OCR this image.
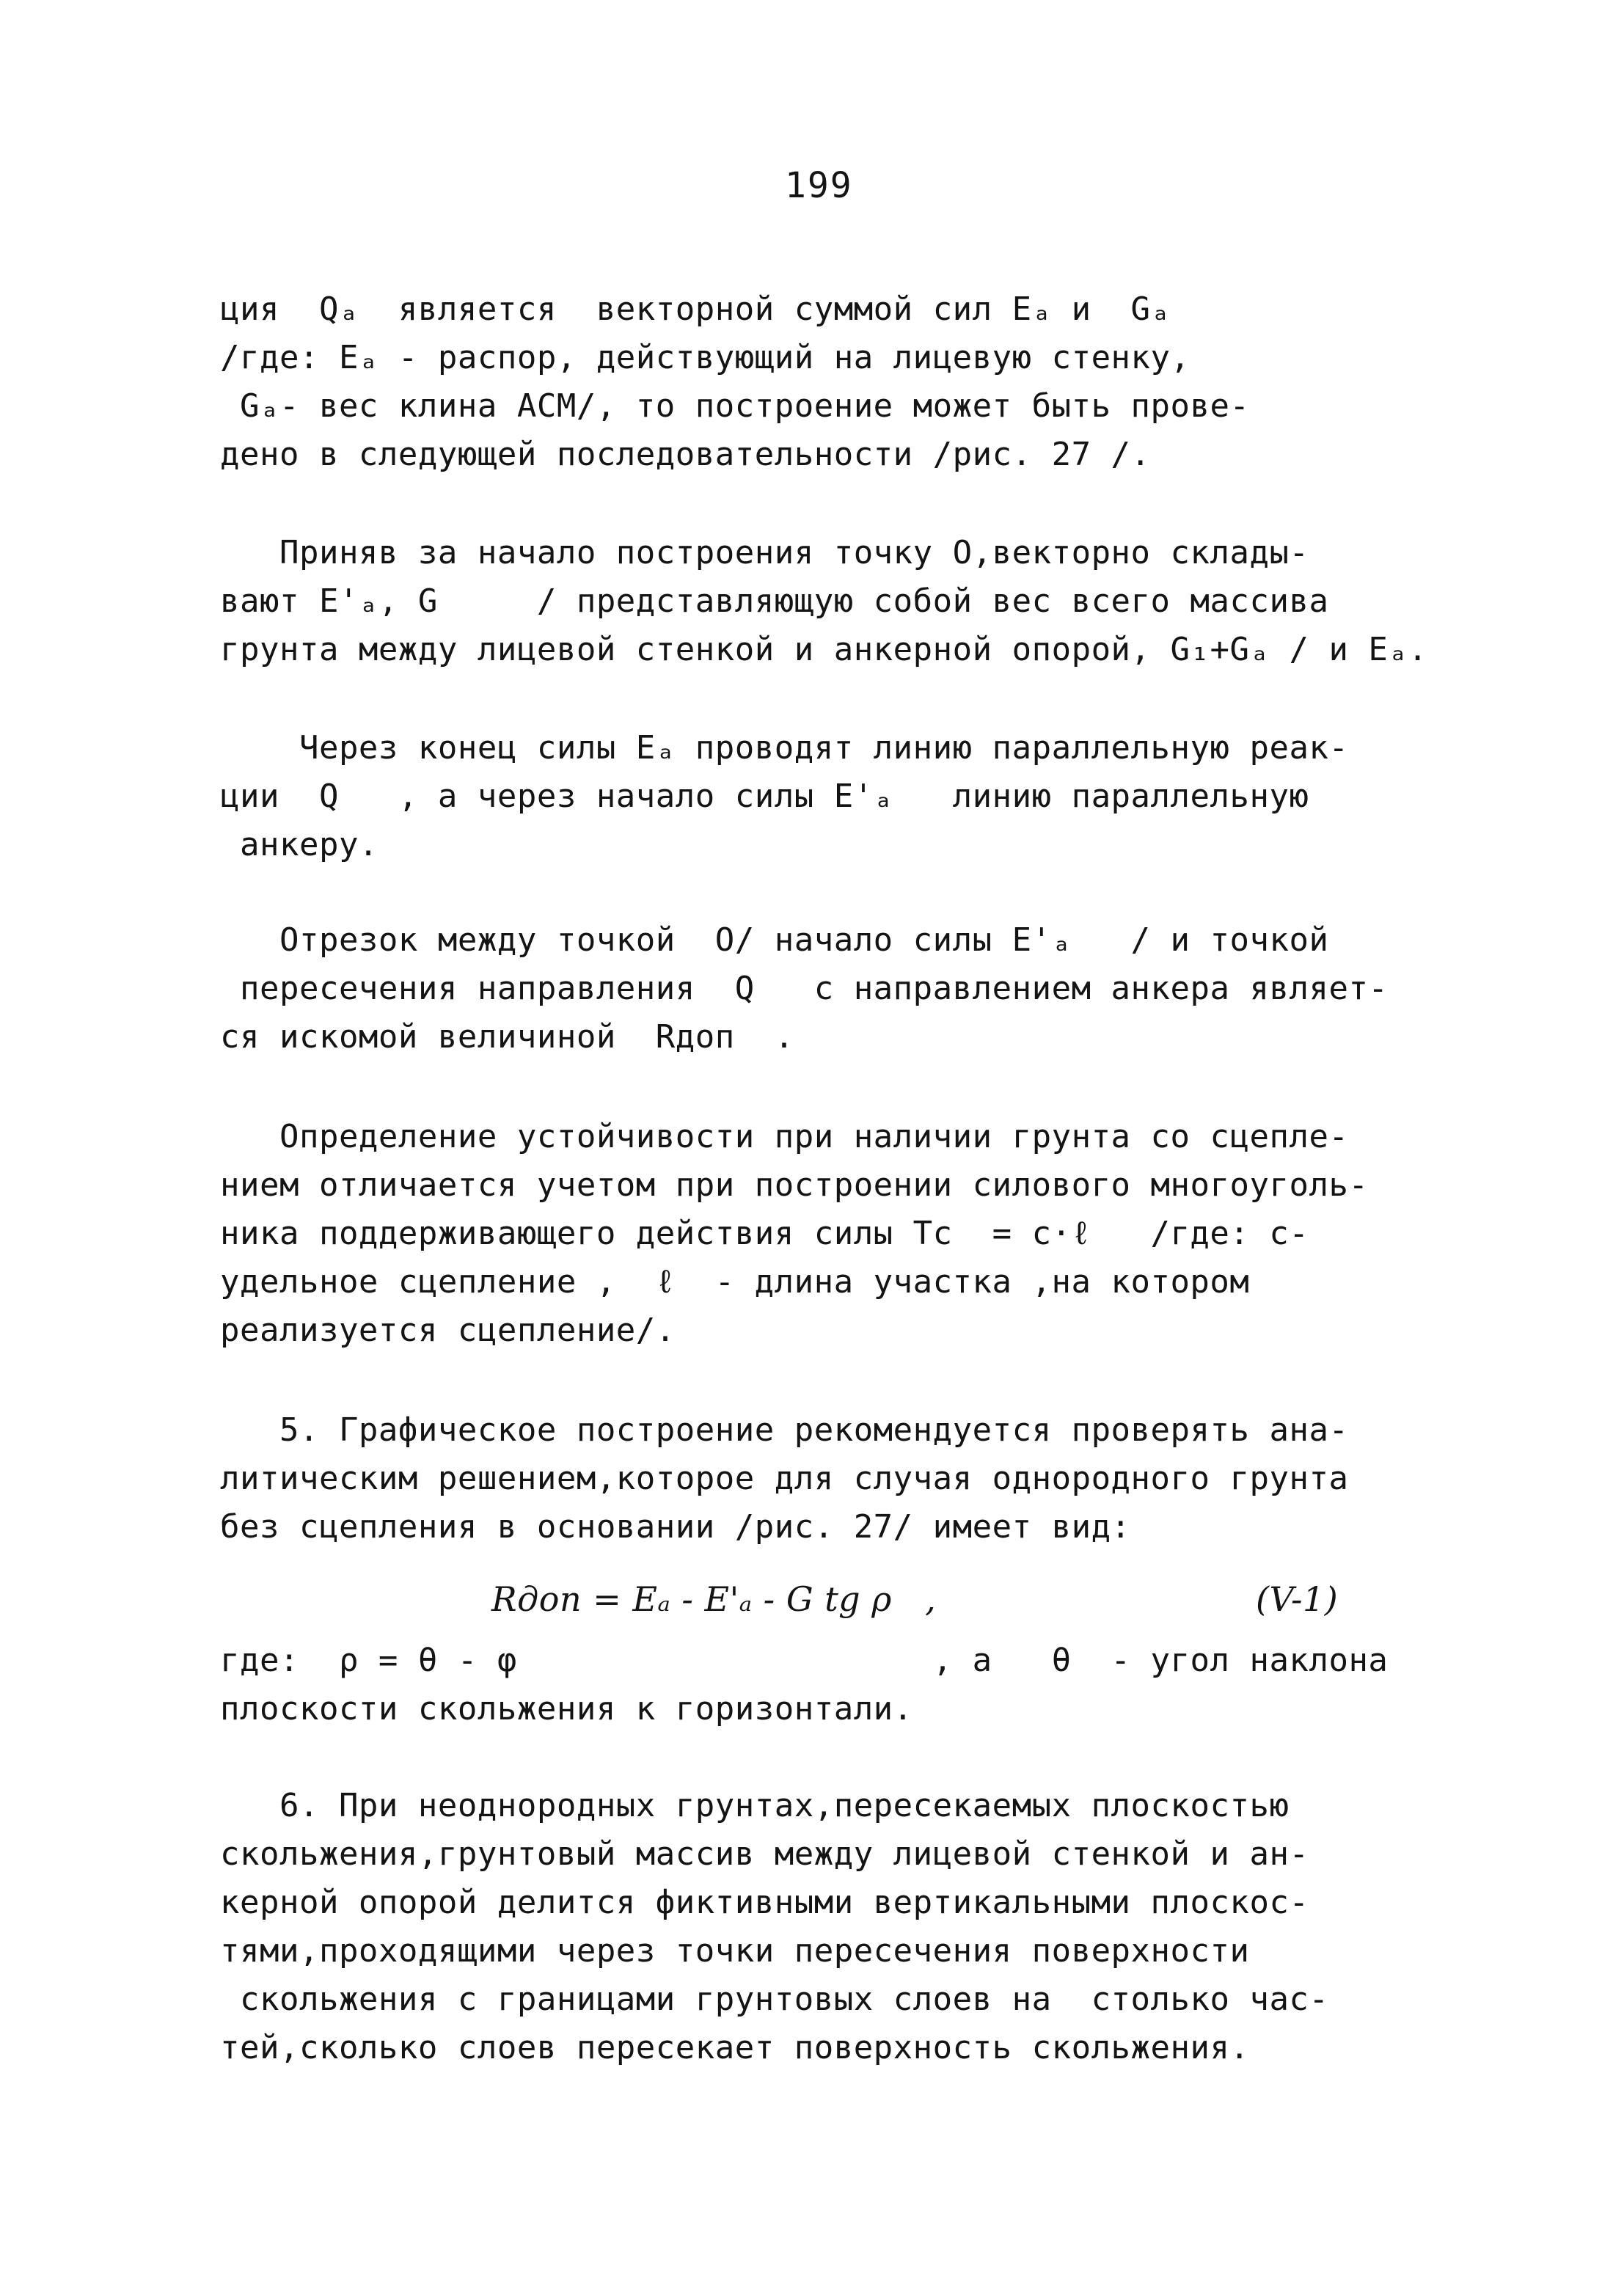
199
ция  Qₐ  является  векторной суммой сил Eₐ и  Gₐ
/где: Eₐ - распор, действующий на лицевую стенку,
Gₐ- вес клина АСМ/, то построение может быть прове-
дено в следующей последовательности /рис. 27 /.
Приняв за начало построения точку O,векторно склады-
вают E'ₐ, G     / представляющую собой вес всего массива
грунта между лицевой стенкой и анкерной опорой, G₁+Gₐ / и Eₐ.
Через конец силы Eₐ проводят линию параллельную реак-
ции  Q   , а через начало силы E'ₐ   линию параллельную
анкеру.
Отрезок между точкой  O/ начало силы E'ₐ   / и точкой
пересечения направления  Q   с направлением анкера являет-
ся искомой величиной  Rдоп  .
Определение устойчивости при наличии грунта со сцепле-
нием отличается учетом при построении силового многоуголь-
ника поддерживающего действия силы Tc  = c·ℓ   /где: c-
удельное сцепление ,  ℓ  - длина участка ,на котором
реализуется сцепление/.
5. Графическое построение рекомендуется проверять ана-
литическим решением,которое для случая однородного грунта
без сцепления в основании /рис. 27/ имеет вид:
Rдоп = Eₐ - E'ₐ - G tg ρ   ,	(V-1)
где:  ρ = θ - φ                     , а   θ  - угол наклона
плоскости скольжения к горизонтали.
6. При неоднородных грунтах,пересекаемых плоскостью
скольжения,грунтовый массив между лицевой стенкой и ан-
керной опорой делится фиктивными вертикальными плоскос-
тями,проходящими через точки пересечения поверхности
скольжения с границами грунтовых слоев на  столько час-
тей,сколько слоев пересекает поверхность скольжения.
